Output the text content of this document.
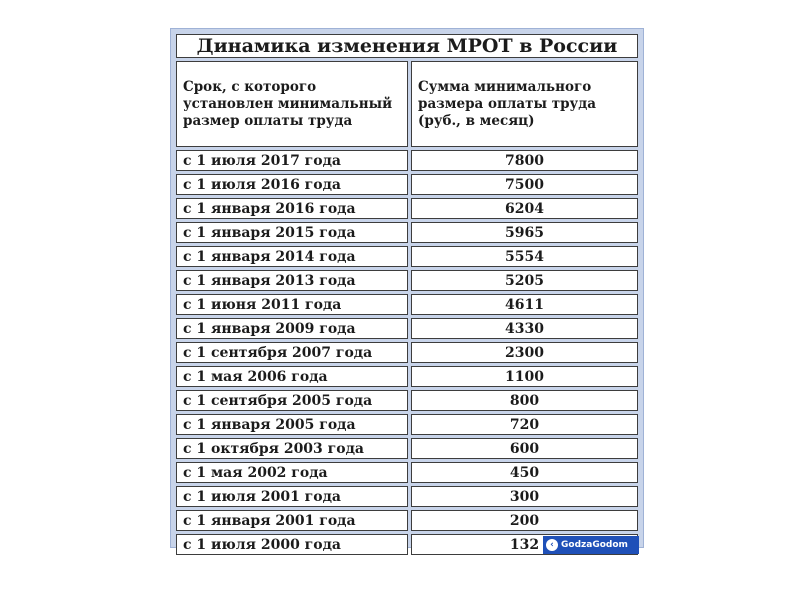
Динамика изменения МРОТ в России	
Срок, с которого установлен минимальный размер оплаты труда	Сумма минимального размера оплаты труда (руб., в месяц)
с 1 июля 2017 года	7800
с 1 июля 2016 года	7500
с 1 января 2016 года	6204
с 1 января 2015 года	5965
с 1 января 2014 года	5554
с 1 января 2013 года	5205
с 1 июня 2011 года	4611
с 1 января 2009 года	4330
с 1 сентября 2007 года	2300
с 1 мая 2006 года	1100
с 1 сентября 2005 года	800
с 1 января 2005 года	720
с 1 октября 2003 года	600
с 1 мая 2002 года	450
с 1 июля 2001 года	300
с 1 января 2001 года	200
с 1 июля 2000 года	132 ‹ GodzaGodom
